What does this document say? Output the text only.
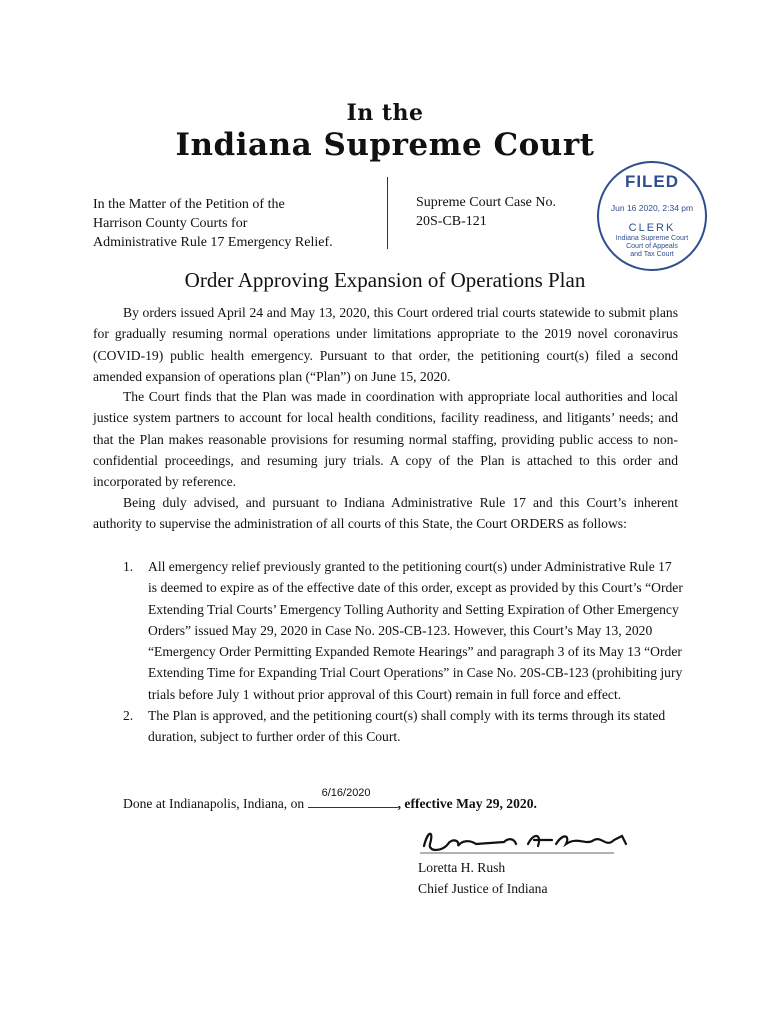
In the
Indiana Supreme Court
In the Matter of the Petition of the
Harrison County Courts for
Administrative Rule 17 Emergency Relief.
Supreme Court Case No.
20S-CB-121
FILED
Jun 16 2020, 2:34 pm
CLERK
Indiana Supreme Court
Court of Appeals
and Tax Court
Order Approving Expansion of Operations Plan

By orders issued April 24 and May 13, 2020, this Court ordered trial courts statewide to submit plans for gradually resuming normal operations under limitations appropriate to the 2019 novel coronavirus (COVID-19) public health emergency. Pursuant to that order, the petitioning court(s) filed a second amended expansion of operations plan (“Plan”) on June 15, 2020.

The Court finds that the Plan was made in coordination with appropriate local authorities and local justice system partners to account for local health conditions, facility readiness, and litigants’ needs; and that the Plan makes reasonable provisions for resuming normal staffing, providing public access to non-confidential proceedings, and resuming jury trials. A copy of the Plan is attached to this order and incorporated by reference.

Being duly advised, and pursuant to Indiana Administrative Rule 17 and this Court’s inherent authority to supervise the administration of all courts of this State, the Court ORDERS as follows:

1. All emergency relief previously granted to the petitioning court(s) under Administrative Rule 17 is deemed to expire as of the effective date of this order, except as provided by this Court’s “Order Extending Trial Courts’ Emergency Tolling Authority and Setting Expiration of Other Emergency Orders” issued May 29, 2020 in Case No. 20S-CB-123. However, this Court’s May 13, 2020 “Emergency Order Permitting Expanded Remote Hearings” and paragraph 3 of its May 13 “Order Extending Time for Expanding Trial Court Operations” in Case No. 20S-CB-123 (prohibiting jury trials before July 1 without prior approval of this Court) remain in full force and effect.
2. The Plan is approved, and the petitioning court(s) shall comply with its terms through its stated duration, subject to further order of this Court.
Done at Indianapolis, Indiana, on
6/16/2020
, effective May 29, 2020.
Loretta H. Rush
Chief Justice of Indiana
